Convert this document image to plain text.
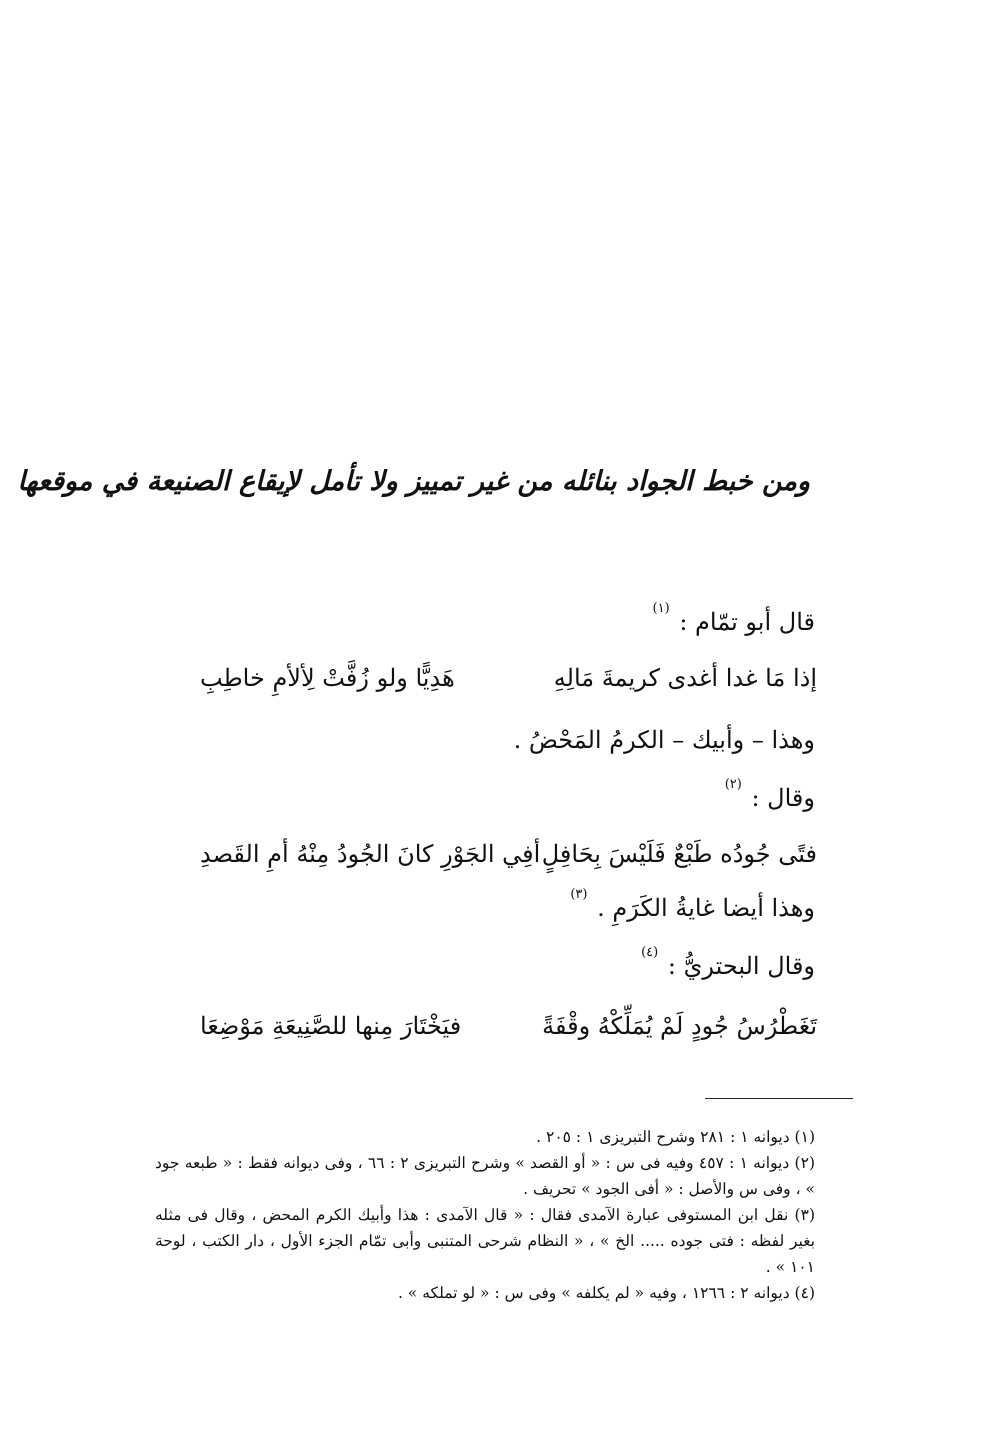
ومن خبط الجواد بنائله من غير تمييز ولا تأمل لإيقاع الصنيعة في موقعها
قال أبو تمّام : $^{(١)}$
إذا مَا غدا أغدى كريمةَ مَالِهِ
هَدِيًّا ولو زُفَّتْ لِألأمِ خاطِبِ
وهذا – وأبيك – الكرمُ المَحْضُ .
وقال : $^{(٢)}$
فتًى جُودُه طَبْعٌ فَلَيْسَ بِحَافِلٍ
أفِي الجَوْرِ كانَ الجُودُ مِنْهُ أمِ القَصدِ
وهذا أيضا غايةُ الكَرَمِ . $^{(٣)}$
وقال البحتريُّ : $^{(٤)}$
تَغَطْرُسُ جُودٍ لَمْ يُمَلِّكْهُ وقْفَةً
فيَخْتَارَ مِنها للصَّنِيعَةِ مَوْضِعَا
(١) ديوانه ١ : ٢٨١ وشرح التبريزى ١ : ٢٠٥ .
(٢) ديوانه ١ : ٤٥٧ وفيه فى س : « أو القصد » وشرح التبريزى ٢ : ٦٦ ، وفى ديوانه فقط : « طبعه جود » ، وفى س والأصل : « أفى الجود » تحريف .
(٣) نقل ابن المستوفى عبارة الآمدى فقال : « قال الآمدى : هذا وأبيك الكرم المحض ، وقال فى مثله بغير لفظه : فتى جوده ..... الخ » ، « النظام شرحى المتنبى وأبى تمّام الجزء الأول ، دار الكتب ، لوحة ١٠١ » .
(٤) ديوانه ٢ : ١٢٦٦ ، وفيه « لم يكلفه » وفى س : « لو تملكه » .
